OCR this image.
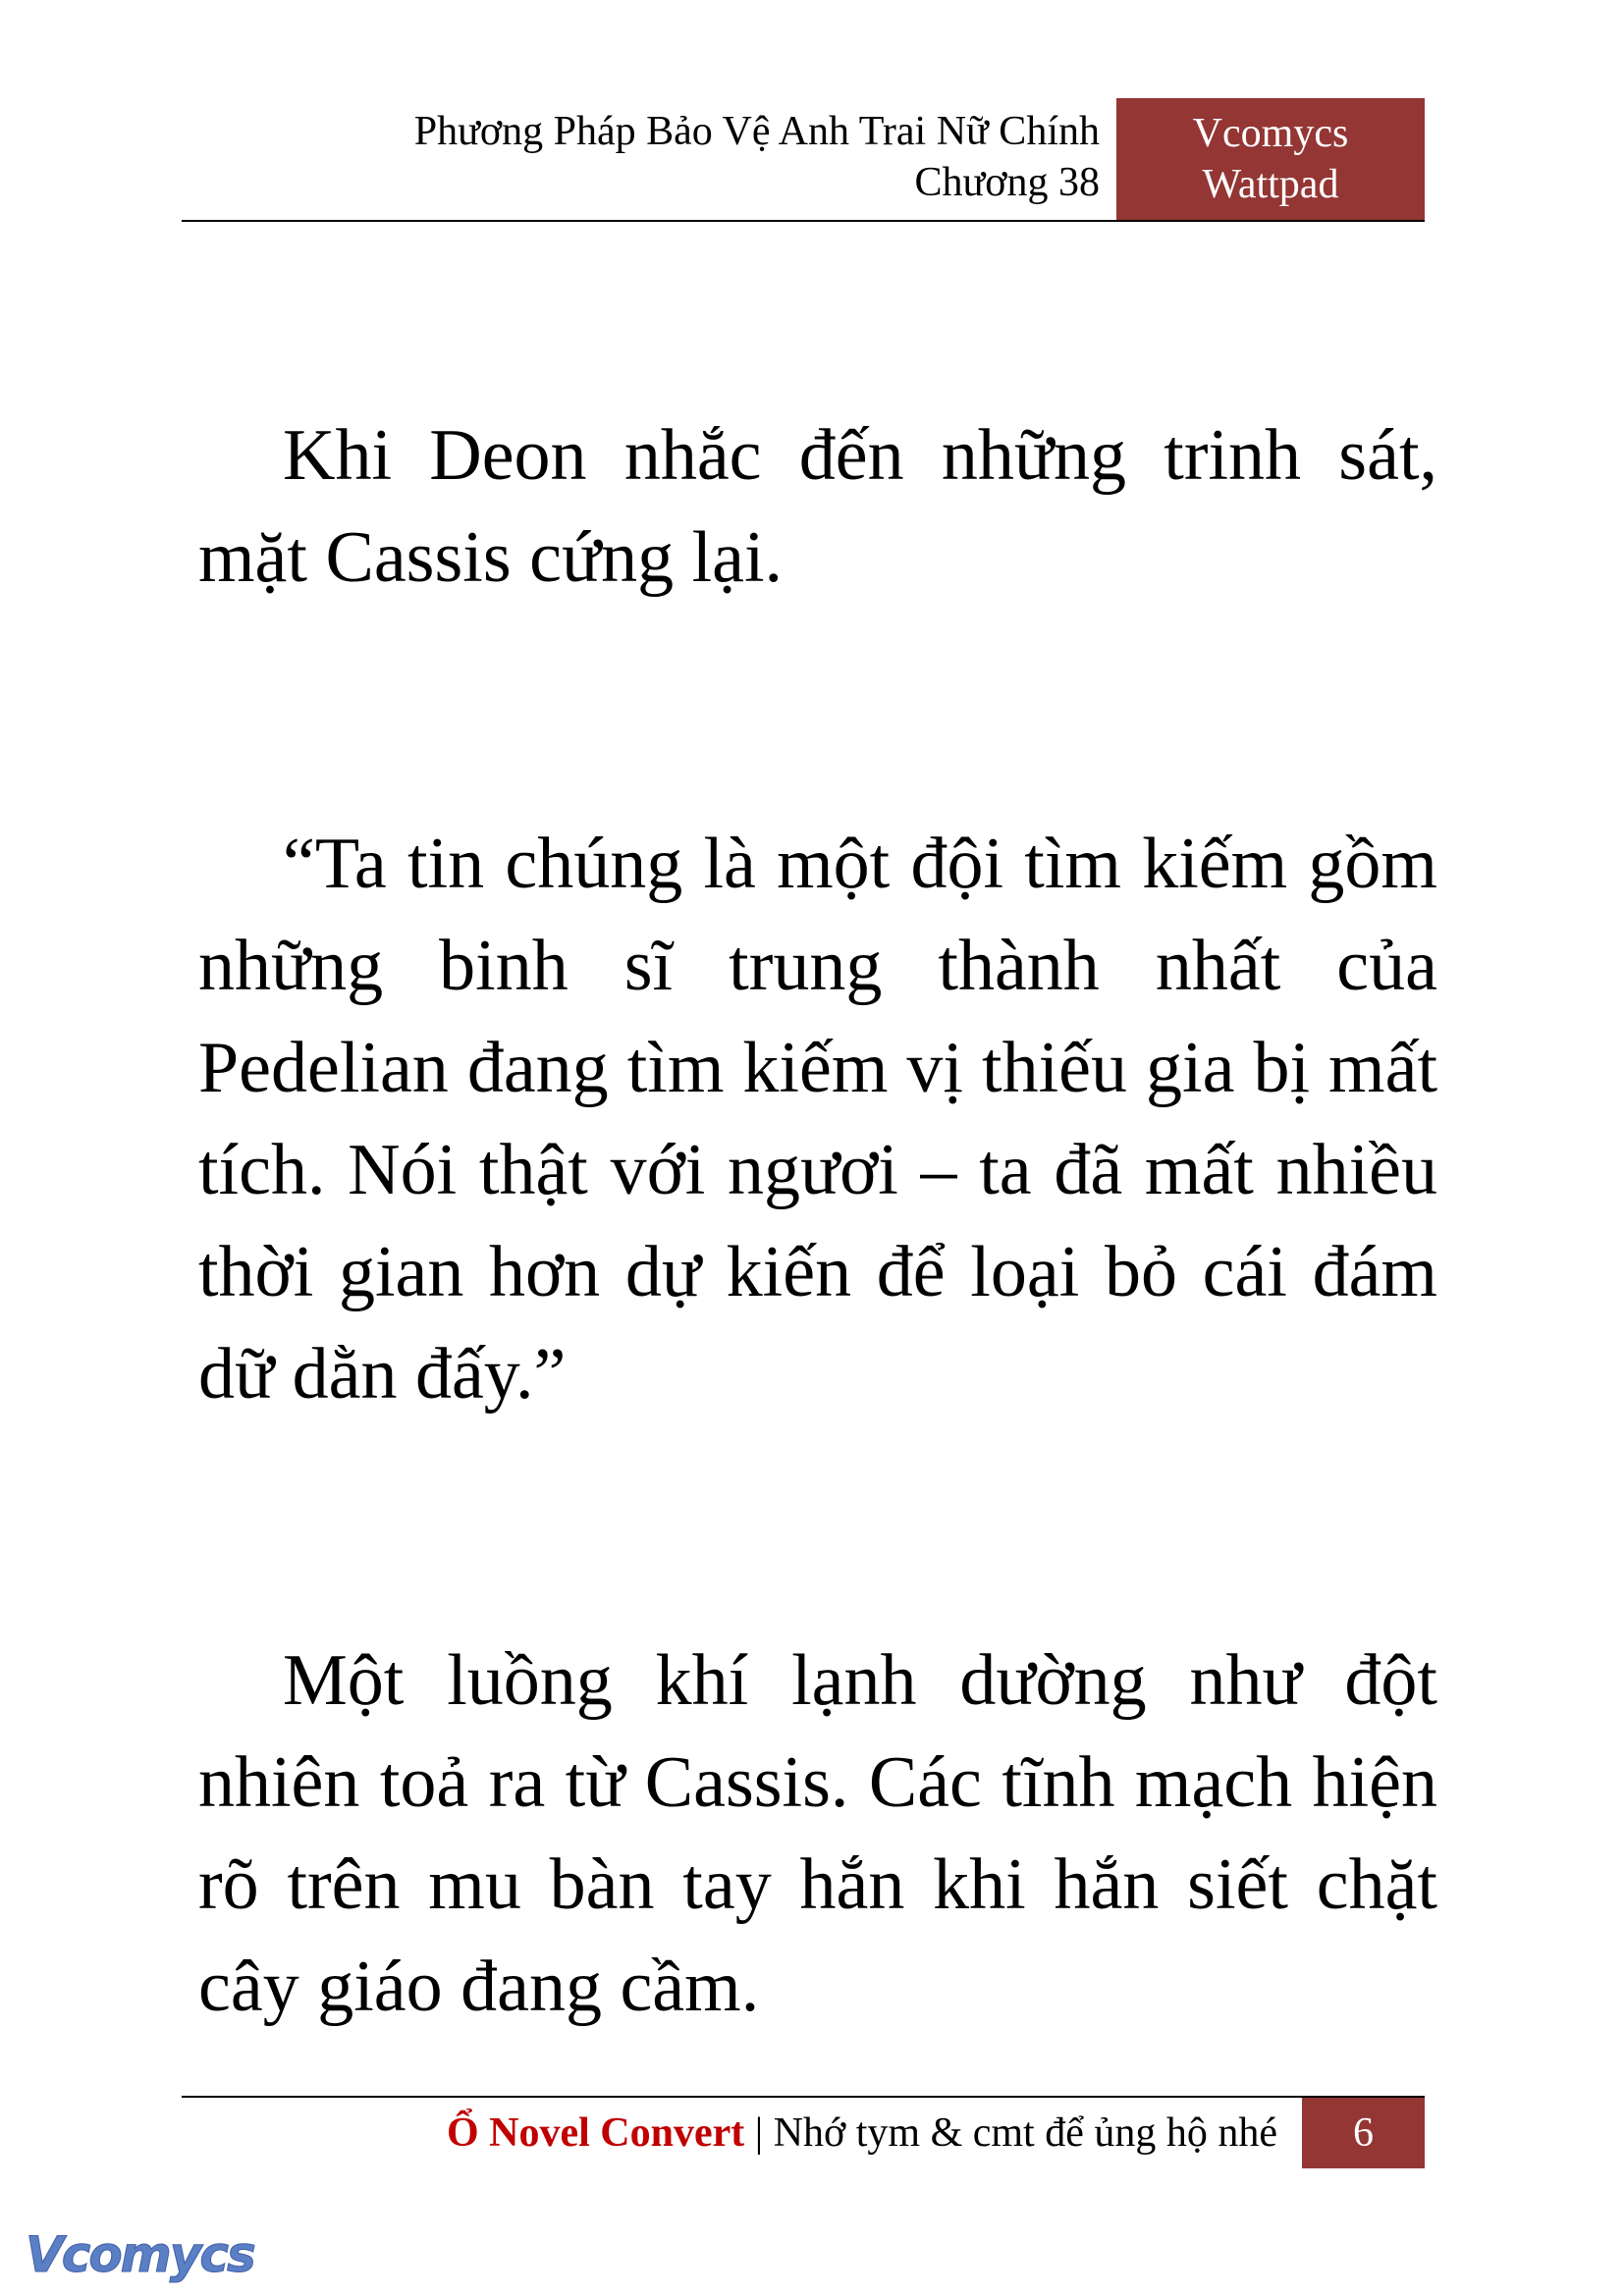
Phương Pháp Bảo Vệ Anh Trai Nữ Chính
Chương 38
Vcomycs
Wattpad

Khi Deon nhắc đến những trinh sát, mặt Cassis cứng lại.

“Ta tin chúng là một đội tìm kiếm gồm những binh sĩ trung thành nhất của Pedelian đang tìm kiếm vị thiếu gia bị mất tích. Nói thật với ngươi – ta đã mất nhiều thời gian hơn dự kiến để loại bỏ cái đám dữ dằn đấy.”

Một luồng khí lạnh dường như đột nhiên toả ra từ Cassis. Các tĩnh mạch hiện rõ trên mu bàn tay hắn khi hắn siết chặt cây giáo đang cầm.

Ổ Novel Convert | Nhớ tym & cmt để ủng hộ nhé	6
Vcomycs
